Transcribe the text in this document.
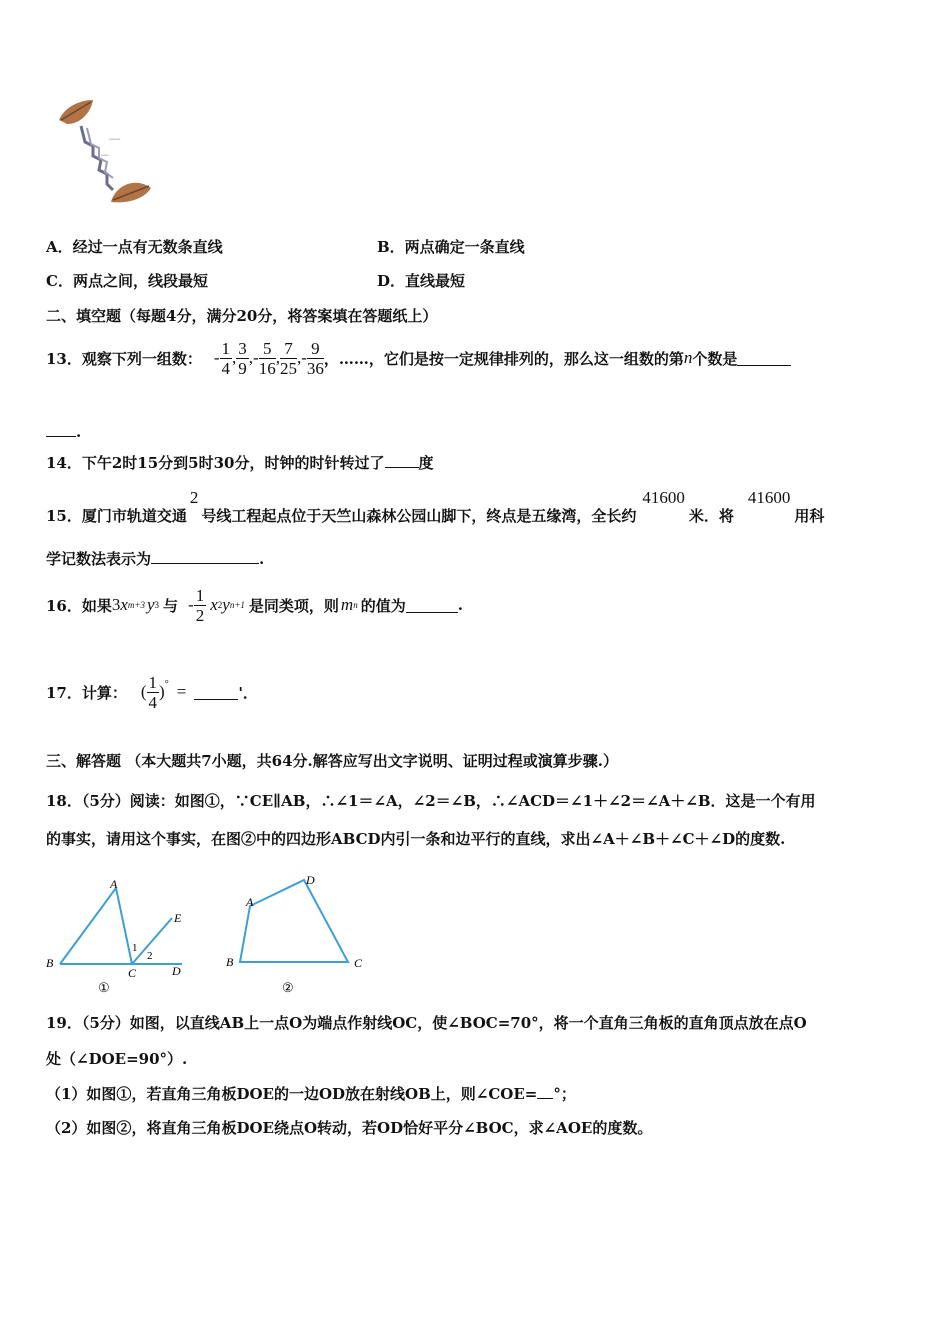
~~~
~~
A．经过一点有无数条直线	B．两点确定一条直线
C．两点之间，线段最短	D．直线最短
二、填空题（每题4分，满分20分，将答案填在答题纸上）
13．观察下列一组数： - $\frac{1}{4}$ , $\frac{3}{9}$ , - $\frac{5}{16}$ , $\frac{7}{25}$ , - $\frac{9}{36}$ ，……，它们是按一定规律排列的，那么这一组数的第 n 个数是
.
14．下午2时15分到5时30分，时钟的时针转过了 度
15．厦门市轨道交通
2
号线工程起点位于天竺山森林公园山脚下，终点是五缘湾，全长约
41600
米．将
41600
用科
学记数法表示为	.
16．如果 3 x m+3 y 3 与 - $\frac{1}{2}$ x 2 y n+1 是同类项，则 m n 的值为	.
17．计算： ( $\frac{1}{4} )^\circ$ =	'．
三、解答题 （本大题共7小题，共64分.解答应写出文字说明、证明过程或演算步骤.）
18．（5分）阅读：如图①，∵CE∥AB，∴∠1＝∠A，∠2＝∠B，∴∠ACD＝∠1＋∠2＝∠A＋∠B．这是一个有用
的事实，请用这个事实，在图②中的四边形ABCD内引一条和边平行的直线，求出∠A＋∠B＋∠C＋∠D的度数.
A
B
C	D
E
1
2
①
A
B	C
D
②
19．（5分）如图，以直线AB上一点O为端点作射线OC，使∠BOC=70°，将一个直角三角板的直角顶点放在点O
处（∠DOE=90°）.
（1）如图①，若直角三角板DOE的一边OD放在射线OB上，则∠COE= °；
（2）如图②，将直角三角板DOE绕点O转动，若OD恰好平分∠BOC，求∠AOE的度数。
